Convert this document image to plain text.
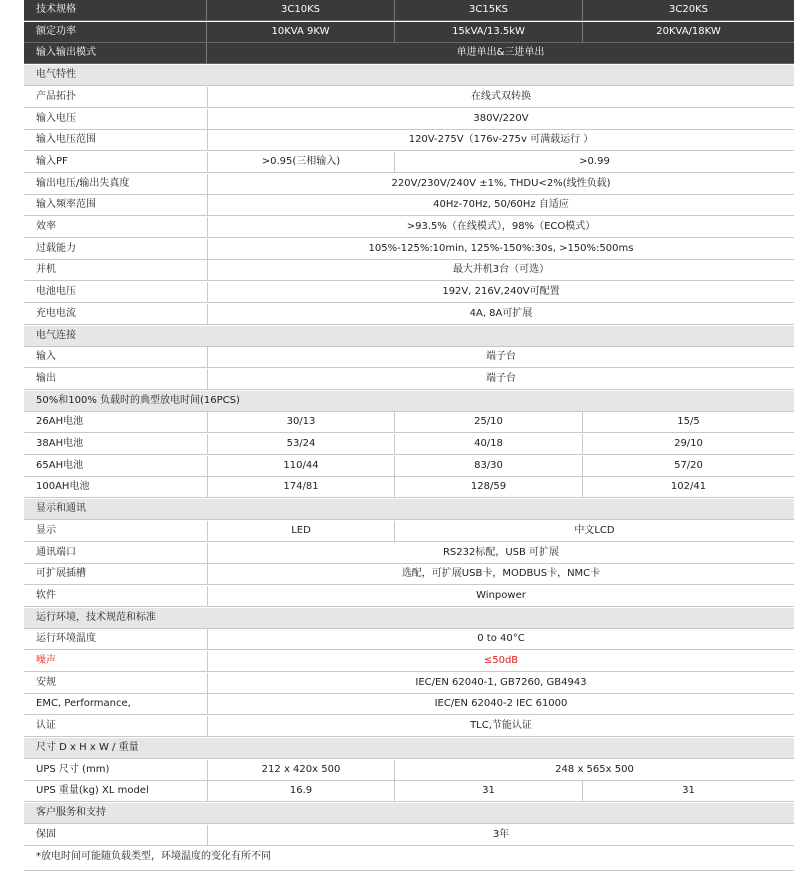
技术规格	3C10KS	3C15KS	3C20KS
额定功率	10KVA 9KW	15kVA/13.5kW	20KVA/18KW
输入输出模式	单进单出&三进单出
电气特性
产品拓扑	在线式双转换
输入电压	380V/220V
输入电压范围	120V-275V（176v-275v 可满载运行 ）
输入PF	>0.95(三相输入)	>0.99
输出电压/输出失真度	220V/230V/240V ±1%, THDU<2%(线性负载)
输入频率范围	40Hz-70Hz, 50/60Hz 自适应
效率	>93.5%（在线模式），98%（ECO模式）
过载能力	105%-125%:10min, 125%-150%:30s, >150%:500ms
并机	最大并机3台（可选）
电池电压	192V, 216V,240V可配置
充电电流	4A, 8A可扩展
电气连接
输入	端子台
输出	端子台
50%和100% 负载时的典型放电时间(16PCS)
26AH电池	30/13	25/10	15/5
38AH电池	53/24	40/18	29/10
65AH电池	110/44	83/30	57/20
100AH电池	174/81	128/59	102/41
显示和通讯
显示	LED	中文LCD
通讯端口	RS232标配，USB 可扩展
可扩展插槽	选配，可扩展USB卡，MODBUS卡，NMC卡
软件	Winpower
运行环境，技术规范和标准
运行环境温度	0 to 40°C
噪声	≤50dB
安规	IEC/EN 62040-1, GB7260, GB4943
EMC, Performance,	IEC/EN 62040-2 IEC 61000
认证	TLC,节能认证
尺寸 D x H x W / 重量
UPS 尺寸 (mm)	212 x 420x 500	248 x 565x 500
UPS 重量(kg) XL model	16.9	31	31
客户服务和支持
保固	3年
*放电时间可能随负载类型，环境温度的变化有所不同
